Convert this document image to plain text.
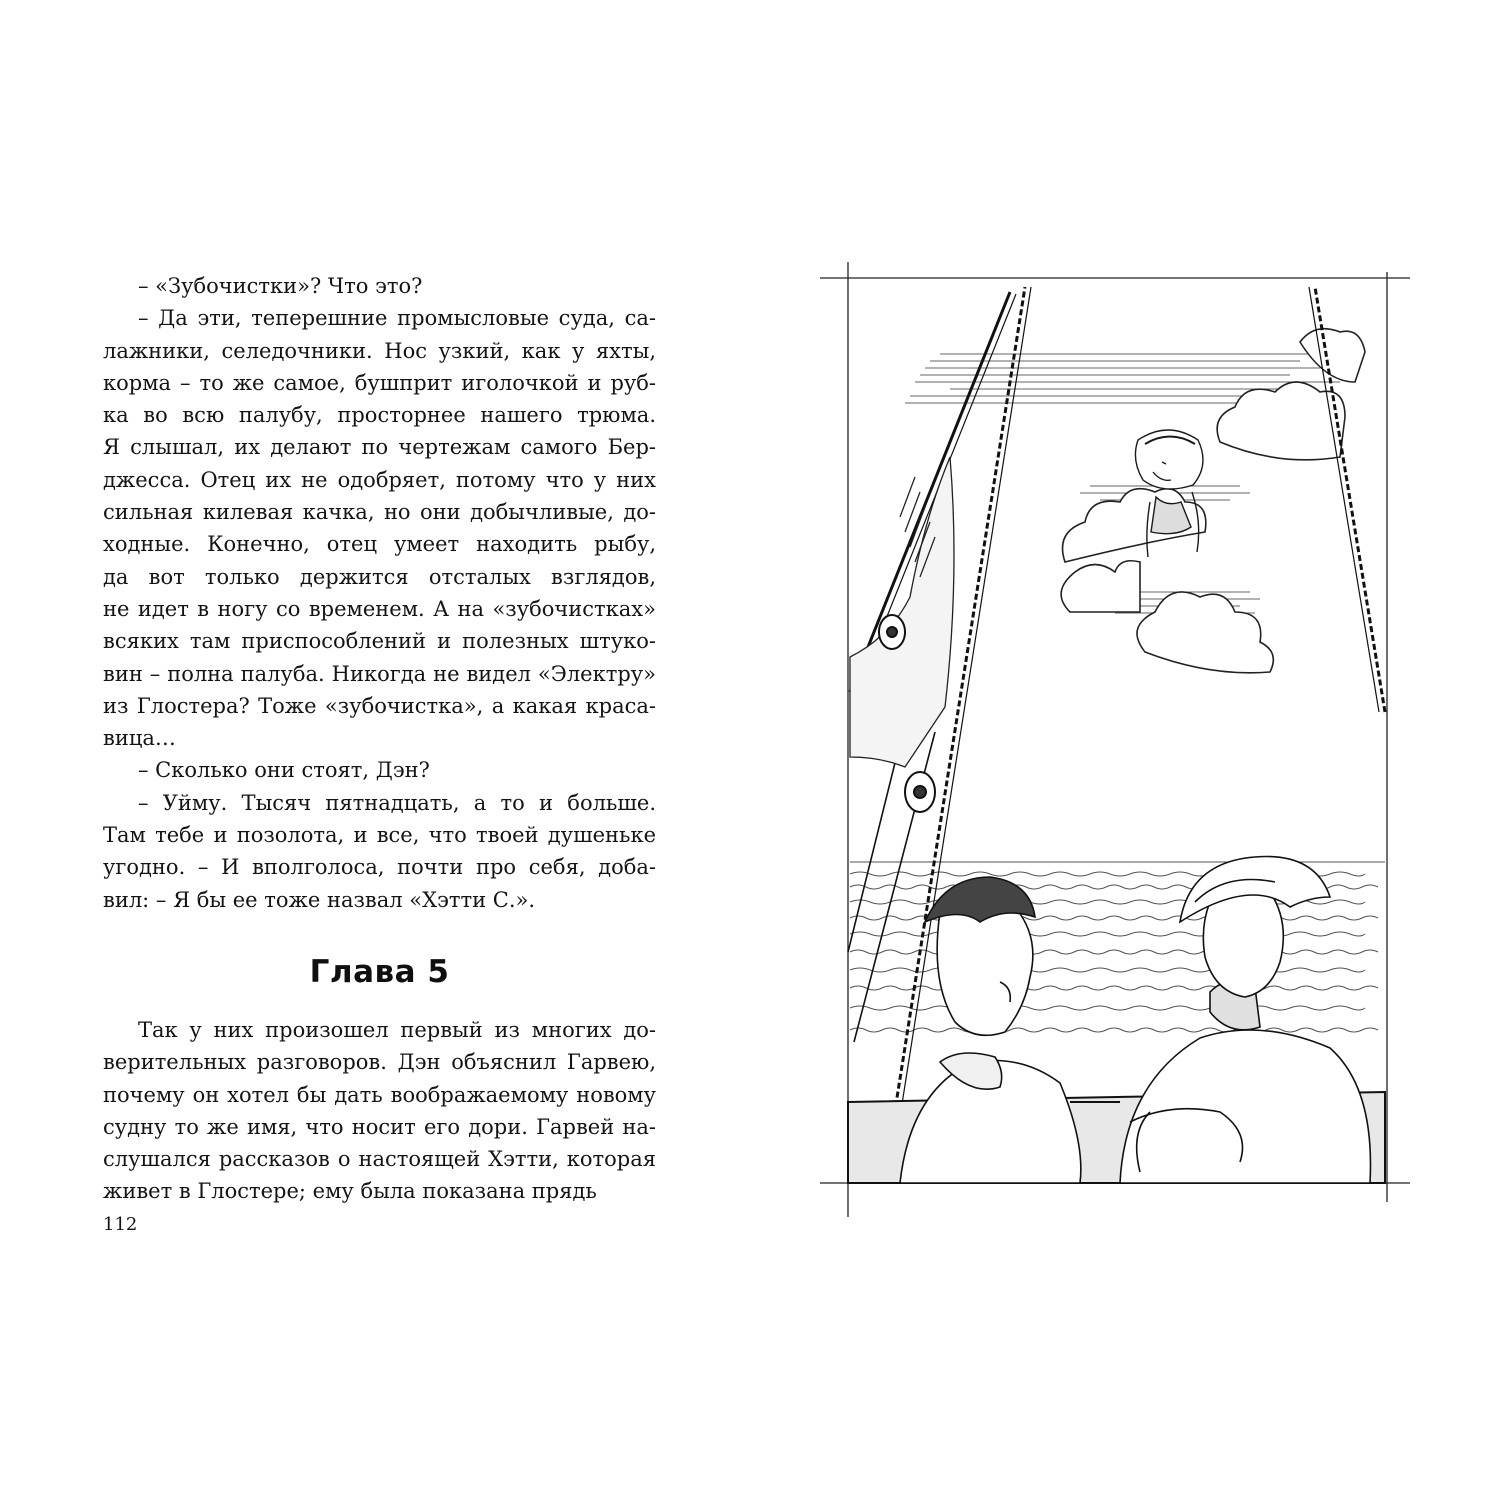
– «Зубочистки»? Что это?
– Да эти, теперешние промысловые суда, са-
лажники, селедочники. Нос узкий, как у яхты,
корма – то же самое, бушприт иголочкой и руб-
ка во всю палубу, просторнее нашего трюма.
Я слышал, их делают по чертежам самого Бер-
джесса. Отец их не одобряет, потому что у них
сильная килевая качка, но они добычливые, до-
ходные. Конечно, отец умеет находить рыбу,
да вот только держится отсталых взглядов,
не идет в ногу со временем. А на «зубочистках»
всяких там приспособлений и полезных штуко-
вин – полна палуба. Никогда не видел «Электру»
из Глостера? Тоже «зубочистка», а какая краса-
вица…
– Сколько они стоят, Дэн?
– Уйму. Тысяч пятнадцать, а то и больше.
Там тебе и позолота, и все, что твоей душеньке
угодно. – И вполголоса, почти про себя, доба-
вил: – Я бы ее тоже назвал «Хэтти С.».
Глава 5
Так у них произошел первый из многих до-
верительных разговоров. Дэн объяснил Гарвею,
почему он хотел бы дать воображаемому новому
судну то же имя, что носит его дори. Гарвей на-
слушался рассказов о настоящей Хэтти, которая
живет в Глостере; ему была показана прядь
112
